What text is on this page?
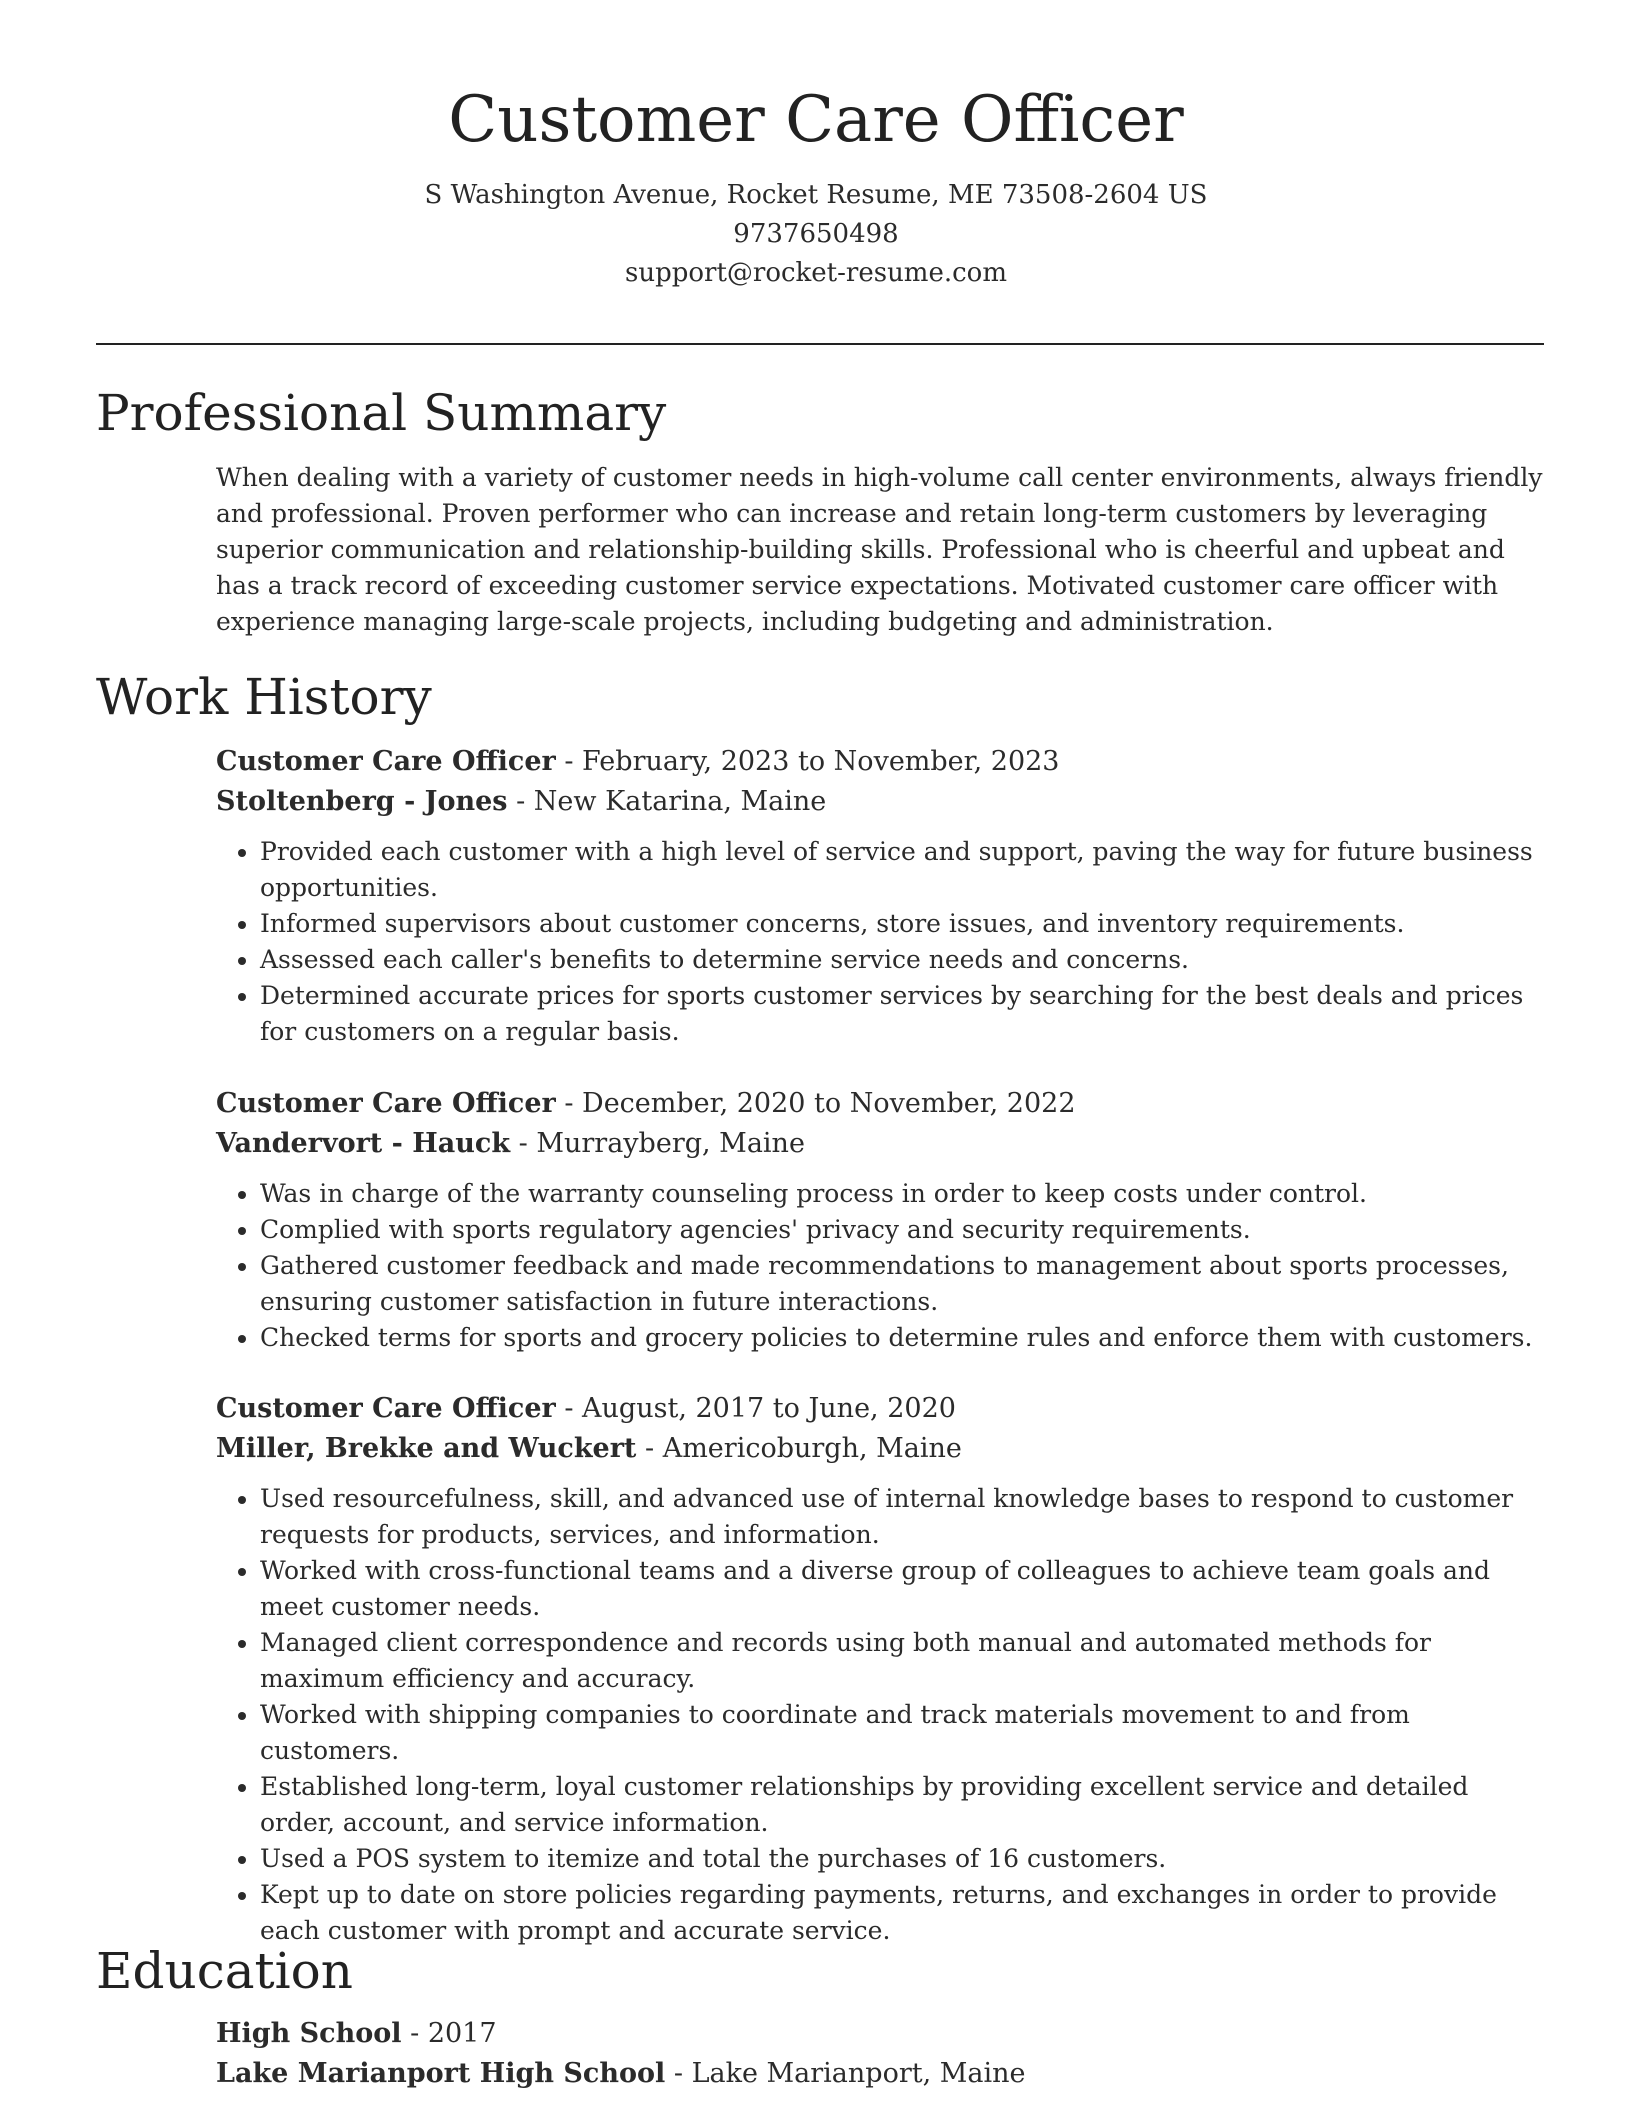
Customer Care Officer
S Washington Avenue, Rocket Resume, ME 73508-2604 US
9737650498
support@rocket-resume.com
Professional Summary

When dealing with a variety of customer needs in high-volume call center environments, always friendly and professional. Proven performer who can increase and retain long-term customers by leveraging superior communication and relationship-building skills. Professional who is cheerful and upbeat and has a track record of exceeding customer service expectations. Motivated customer care officer with experience managing large-scale projects, including budgeting and administration.

Work History
Customer Care Officer - February, 2023 to November, 2023
Stoltenberg - Jones - New Katarina, Maine
• Provided each customer with a high level of service and support, paving the way for future business opportunities.
• Informed supervisors about customer concerns, store issues, and inventory requirements.
• Assessed each caller's benefits to determine service needs and concerns.
• Determined accurate prices for sports customer services by searching for the best deals and prices for customers on a regular basis.
Customer Care Officer - December, 2020 to November, 2022
Vandervort - Hauck - Murrayberg, Maine
• Was in charge of the warranty counseling process in order to keep costs under control.
• Complied with sports regulatory agencies' privacy and security requirements.
• Gathered customer feedback and made recommendations to management about sports processes, ensuring customer satisfaction in future interactions.
• Checked terms for sports and grocery policies to determine rules and enforce them with customers.
Customer Care Officer - August, 2017 to June, 2020
Miller, Brekke and Wuckert - Americoburgh, Maine
• Used resourcefulness, skill, and advanced use of internal knowledge bases to respond to customer requests for products, services, and information.
• Worked with cross-functional teams and a diverse group of colleagues to achieve team goals and meet customer needs.
• Managed client correspondence and records using both manual and automated methods for maximum efficiency and accuracy.
• Worked with shipping companies to coordinate and track materials movement to and from customers.
• Established long-term, loyal customer relationships by providing excellent service and detailed order, account, and service information.
• Used a POS system to itemize and total the purchases of 16 customers.
• Kept up to date on store policies regarding payments, returns, and exchanges in order to provide each customer with prompt and accurate service.
Education
High School - 2017
Lake Marianport High School - Lake Marianport, Maine
